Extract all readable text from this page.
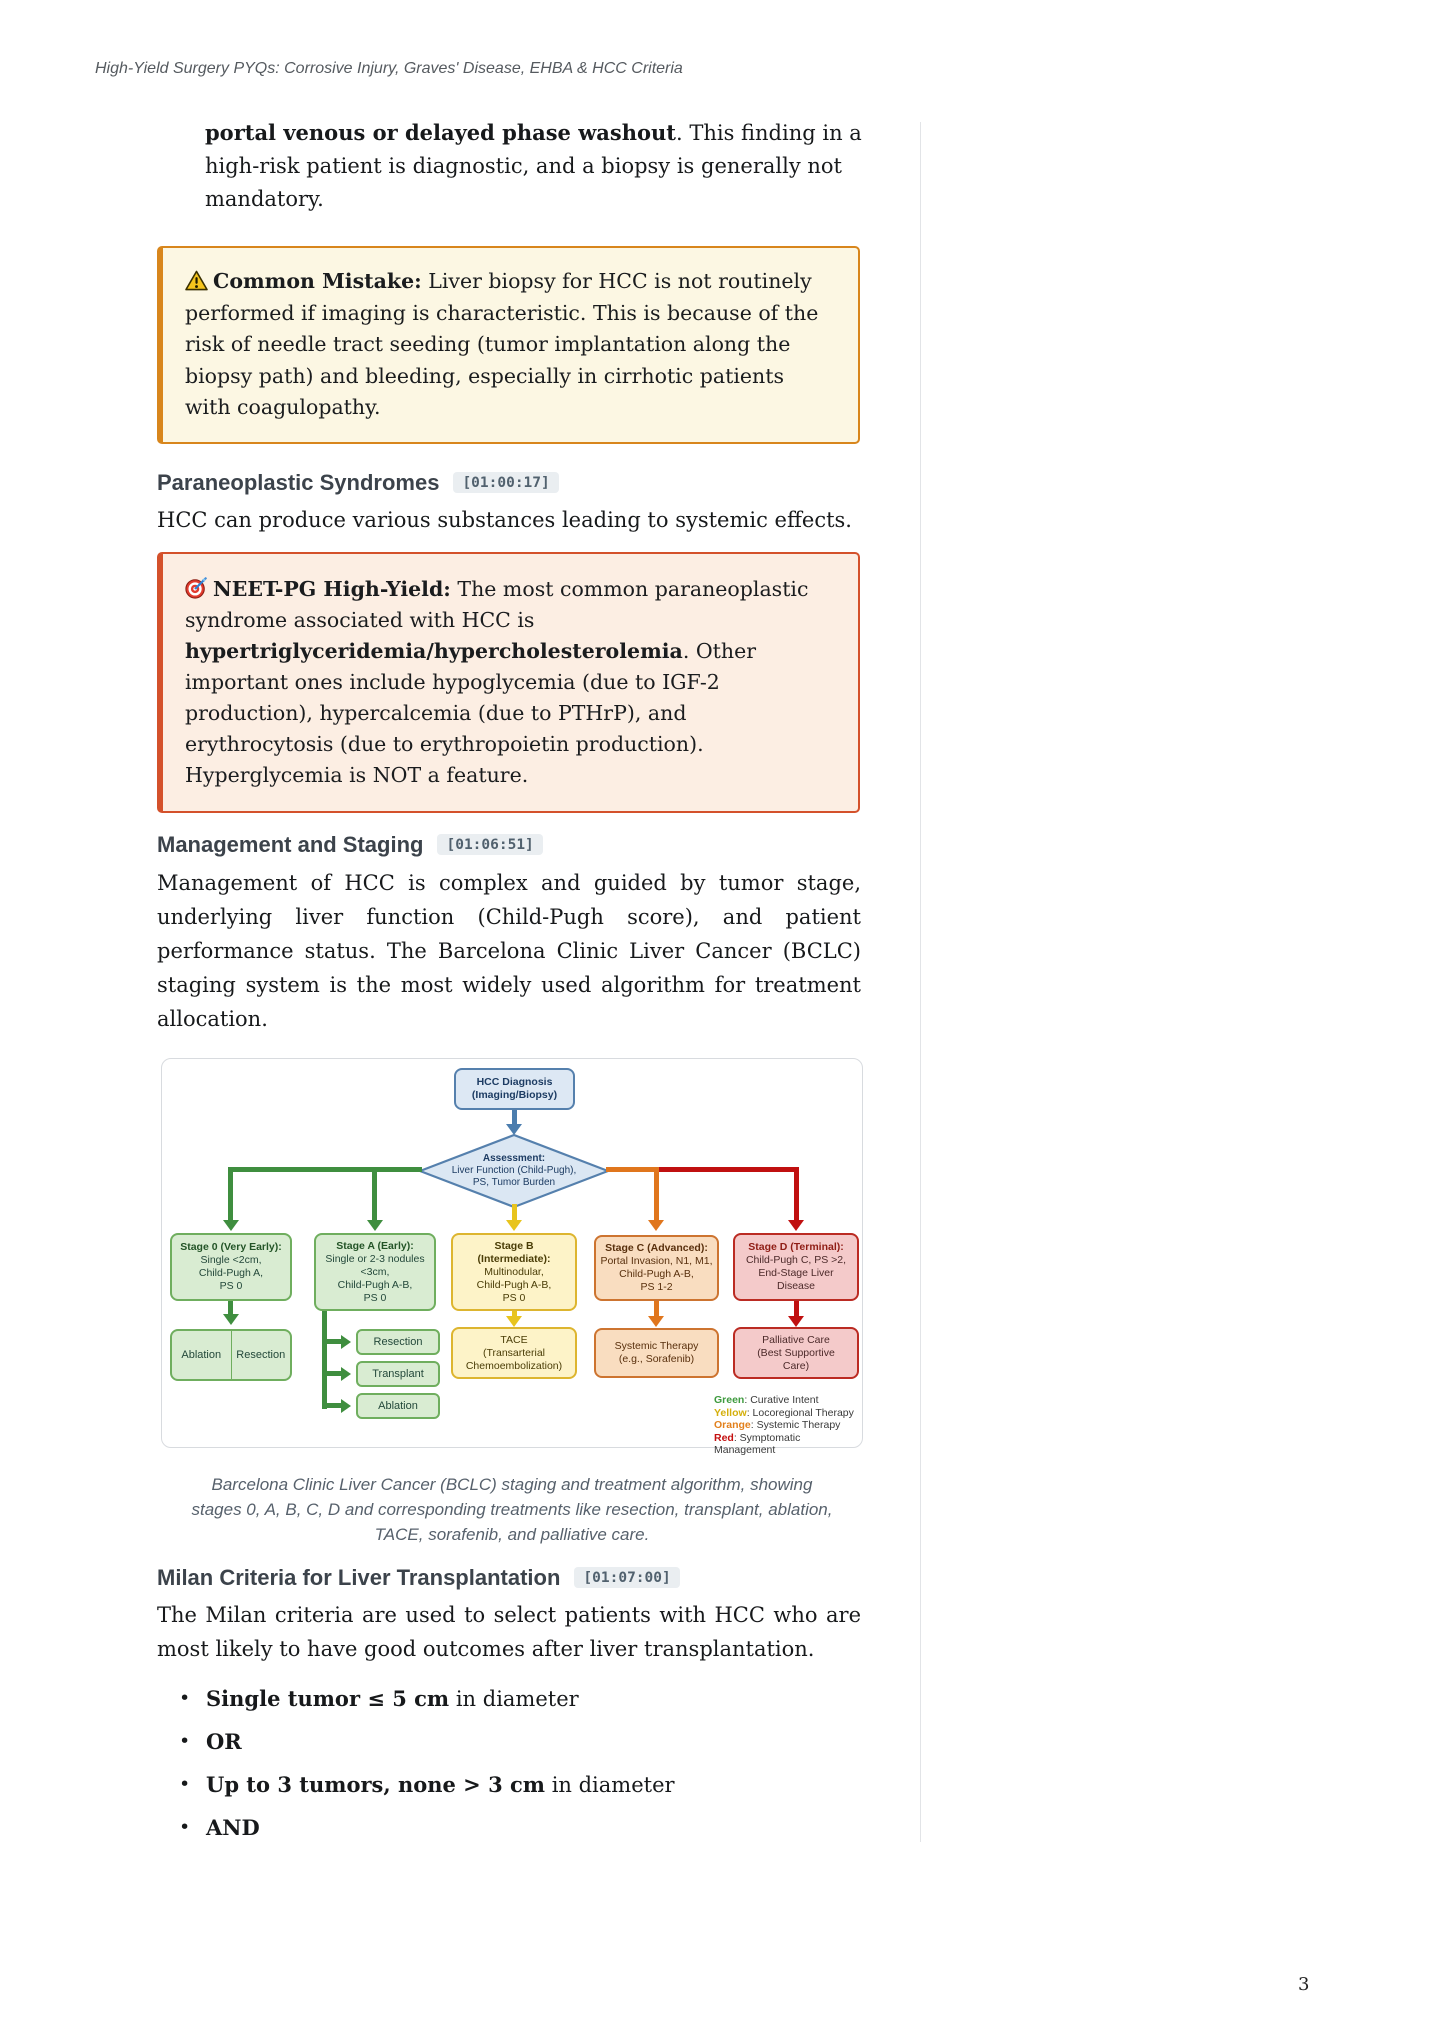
High-Yield Surgery PYQs: Corrosive Injury, Graves' Disease, EHBA & HCC Criteria
portal venous or delayed phase washout. This finding in a high-risk patient is diagnostic, and a biopsy is generally not mandatory.
Common Mistake: Liver biopsy for HCC is not routinely performed if imaging is characteristic. This is because of the risk of needle tract seeding (tumor implantation along the biopsy path) and bleeding, especially in cirrhotic patients with coagulopathy.
Paraneoplastic Syndromes [01:00:17]
HCC can produce various substances leading to systemic effects.
NEET-PG High-Yield: The most common paraneoplastic syndrome associated with HCC is hypertriglyceridemia/hypercholesterolemia. Other important ones include hypoglycemia (due to IGF-2 production), hypercalcemia (due to PTHrP), and erythrocytosis (due to erythropoietin production). Hyperglycemia is NOT a feature.
Management and Staging [01:06:51]
Management of HCC is complex and guided by tumor stage, underlying liver function (Child-Pugh score), and patient performance status. The Barcelona Clinic Liver Cancer (BCLC) staging system is the most widely used algorithm for treatment allocation.
HCC Diagnosis
(Imaging/Biopsy)
Assessment:
Liver Function (Child-Pugh),
PS, Tumor Burden
Stage 0 (Very Early):
Single <2cm,
Child-Pugh A,
PS 0
Stage A (Early):
Single or 2-3 nodules
<3cm,
Child-Pugh A-B,
PS 0
Stage B (Intermediate):
Multinodular,
Child-Pugh A-B,
PS 0
Stage C (Advanced):
Portal Invasion, N1, M1,
Child-Pugh A-B,
PS 1-2
Stage D (Terminal):
Child-Pugh C, PS >2,
End-Stage Liver
Disease
Ablation	Resection
Resection
Transplant
Ablation
TACE
(Transarterial
Chemoembolization)
Systemic Therapy
(e.g., Sorafenib)
Palliative Care
(Best Supportive
Care)
Green: Curative Intent
Yellow: Locoregional Therapy
Orange: Systemic Therapy
Red: Symptomatic Management
Barcelona Clinic Liver Cancer (BCLC) staging and treatment algorithm, showing stages 0, A, B, C, D and corresponding treatments like resection, transplant, ablation, TACE, sorafenib, and palliative care.
Milan Criteria for Liver Transplantation [01:07:00]
The Milan criteria are used to select patients with HCC who are most likely to have good outcomes after liver transplantation.
• Single tumor ≤ 5 cm in diameter
• OR
• Up to 3 tumors, none > 3 cm in diameter
• AND
3
